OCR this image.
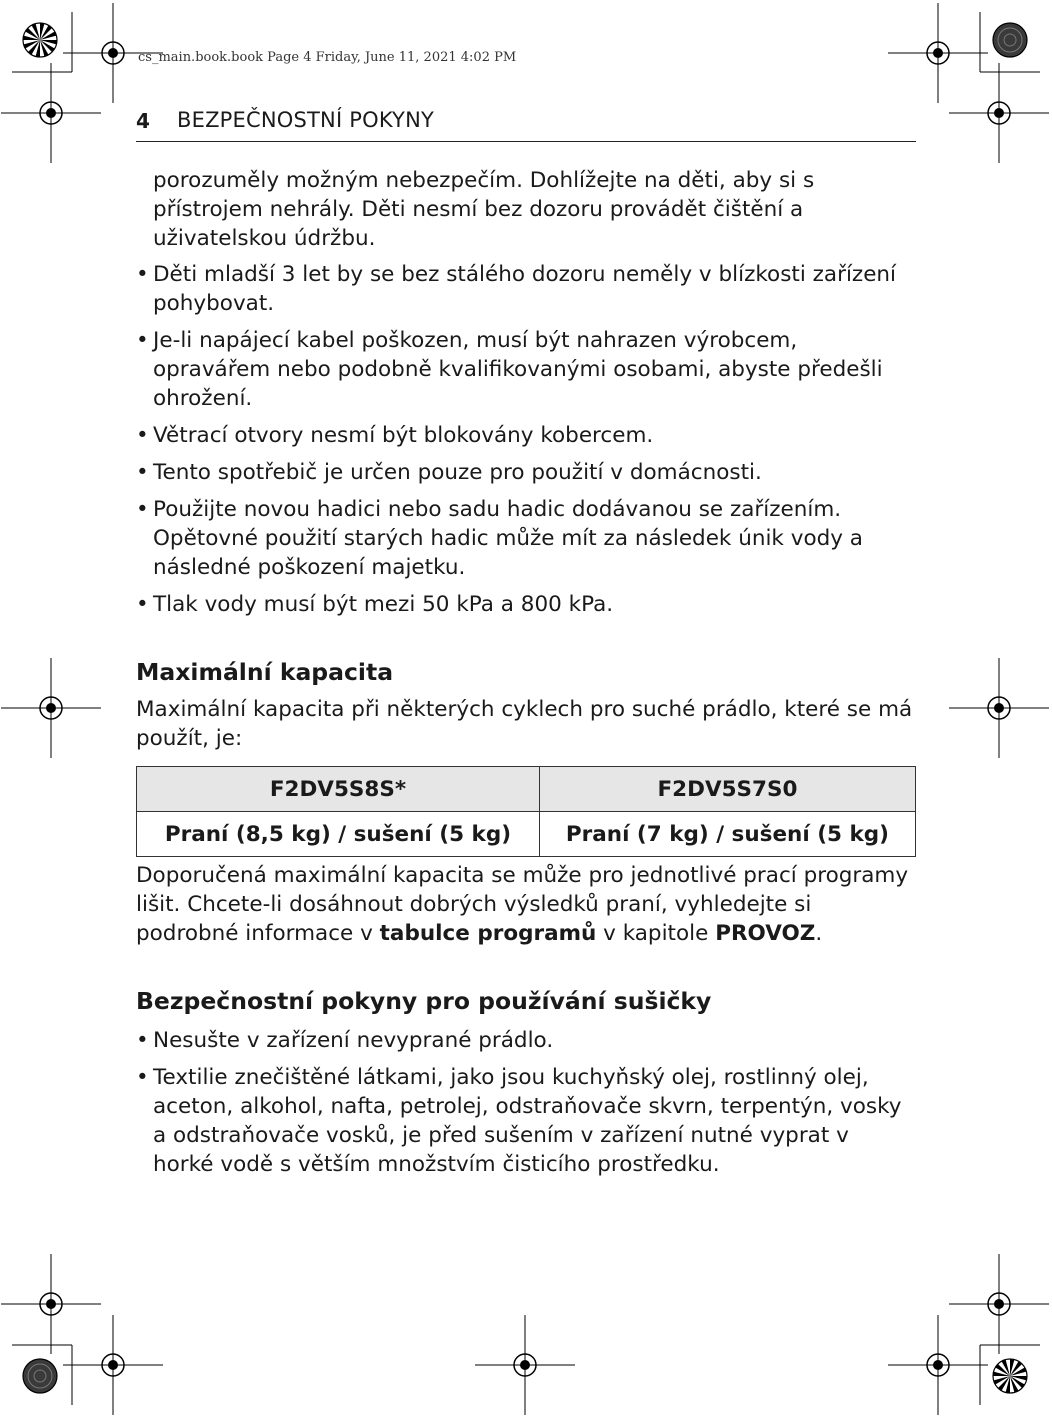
cs_main.book.book Page 4 Friday, June 11, 2021 4:02 PM
4 BEZPEČNOSTNÍ POKYNY

porozuměly možným nebezpečím. Dohlížejte na děti, aby si s přístrojem nehrály. Děti nesmí bez dozoru provádět čištění a uživatelskou údržbu.

• Děti mladší 3 let by se bez stálého dozoru neměly v blízkosti zařízení pohybovat.
• Je-li napájecí kabel poškozen, musí být nahrazen výrobcem, opravářem nebo podobně kvalifikovanými osobami, abyste předešli ohrožení.
• Větrací otvory nesmí být blokovány kobercem.
• Tento spotřebič je určen pouze pro použití v domácnosti.
• Použijte novou hadici nebo sadu hadic dodávanou se zařízením. Opětovné použití starých hadic může mít za následek únik vody a následné poškození majetku.
• Tlak vody musí být mezi 50 kPa a 800 kPa.
Maximální kapacita

Maximální kapacita při některých cyklech pro suché prádlo, které se má použít, je:

F2DV5S8S*	F2DV5S7S0
Praní (8,5 kg) / sušení (5 kg)	Praní (7 kg) / sušení (5 kg)

Doporučená maximální kapacita se může pro jednotlivé prací programy lišit. Chcete-li dosáhnout dobrých výsledků praní, vyhledejte si podrobné informace v tabulce programů v kapitole PROVOZ.

Bezpečnostní pokyny pro používání sušičky
• Nesušte v zařízení nevyprané prádlo.
• Textilie znečištěné látkami, jako jsou kuchyňský olej, rostlinný olej, aceton, alkohol, nafta, petrolej, odstraňovače skvrn, terpentýn, vosky a odstraňovače vosků, je před sušením v zařízení nutné vyprat v horké vodě s větším množstvím čisticího prostředku.
